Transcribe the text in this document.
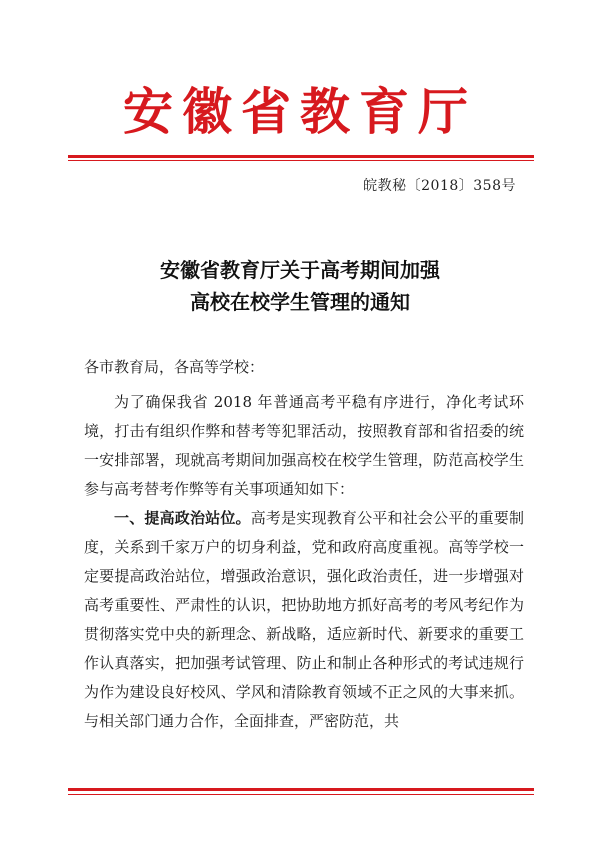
安徽省教育厅
皖教秘〔2018〕358号
安徽省教育厅关于高考期间加强
高校在校学生管理的通知
各市教育局，各高等学校：

为了确保我省 2018 年普通高考平稳有序进行，净化考试环境，打击有组织作弊和替考等犯罪活动，按照教育部和省招委的统一安排部署，现就高考期间加强高校在校学生管理，防范高校学生参与高考替考作弊等有关事项通知如下：

一、提高政治站位。高考是实现教育公平和社会公平的重要制度，关系到千家万户的切身利益，党和政府高度重视。高等学校一定要提高政治站位，增强政治意识，强化政治责任，进一步增强对高考重要性、严肃性的认识，把协助地方抓好高考的考风考纪作为贯彻落实党中央的新理念、新战略，适应新时代、新要求的重要工作认真落实，把加强考试管理、防止和制止各种形式的考试违规行为作为建设良好校风、学风和清除教育领域不正之风的大事来抓。与相关部门通力合作，全面排查，严密防范，共
